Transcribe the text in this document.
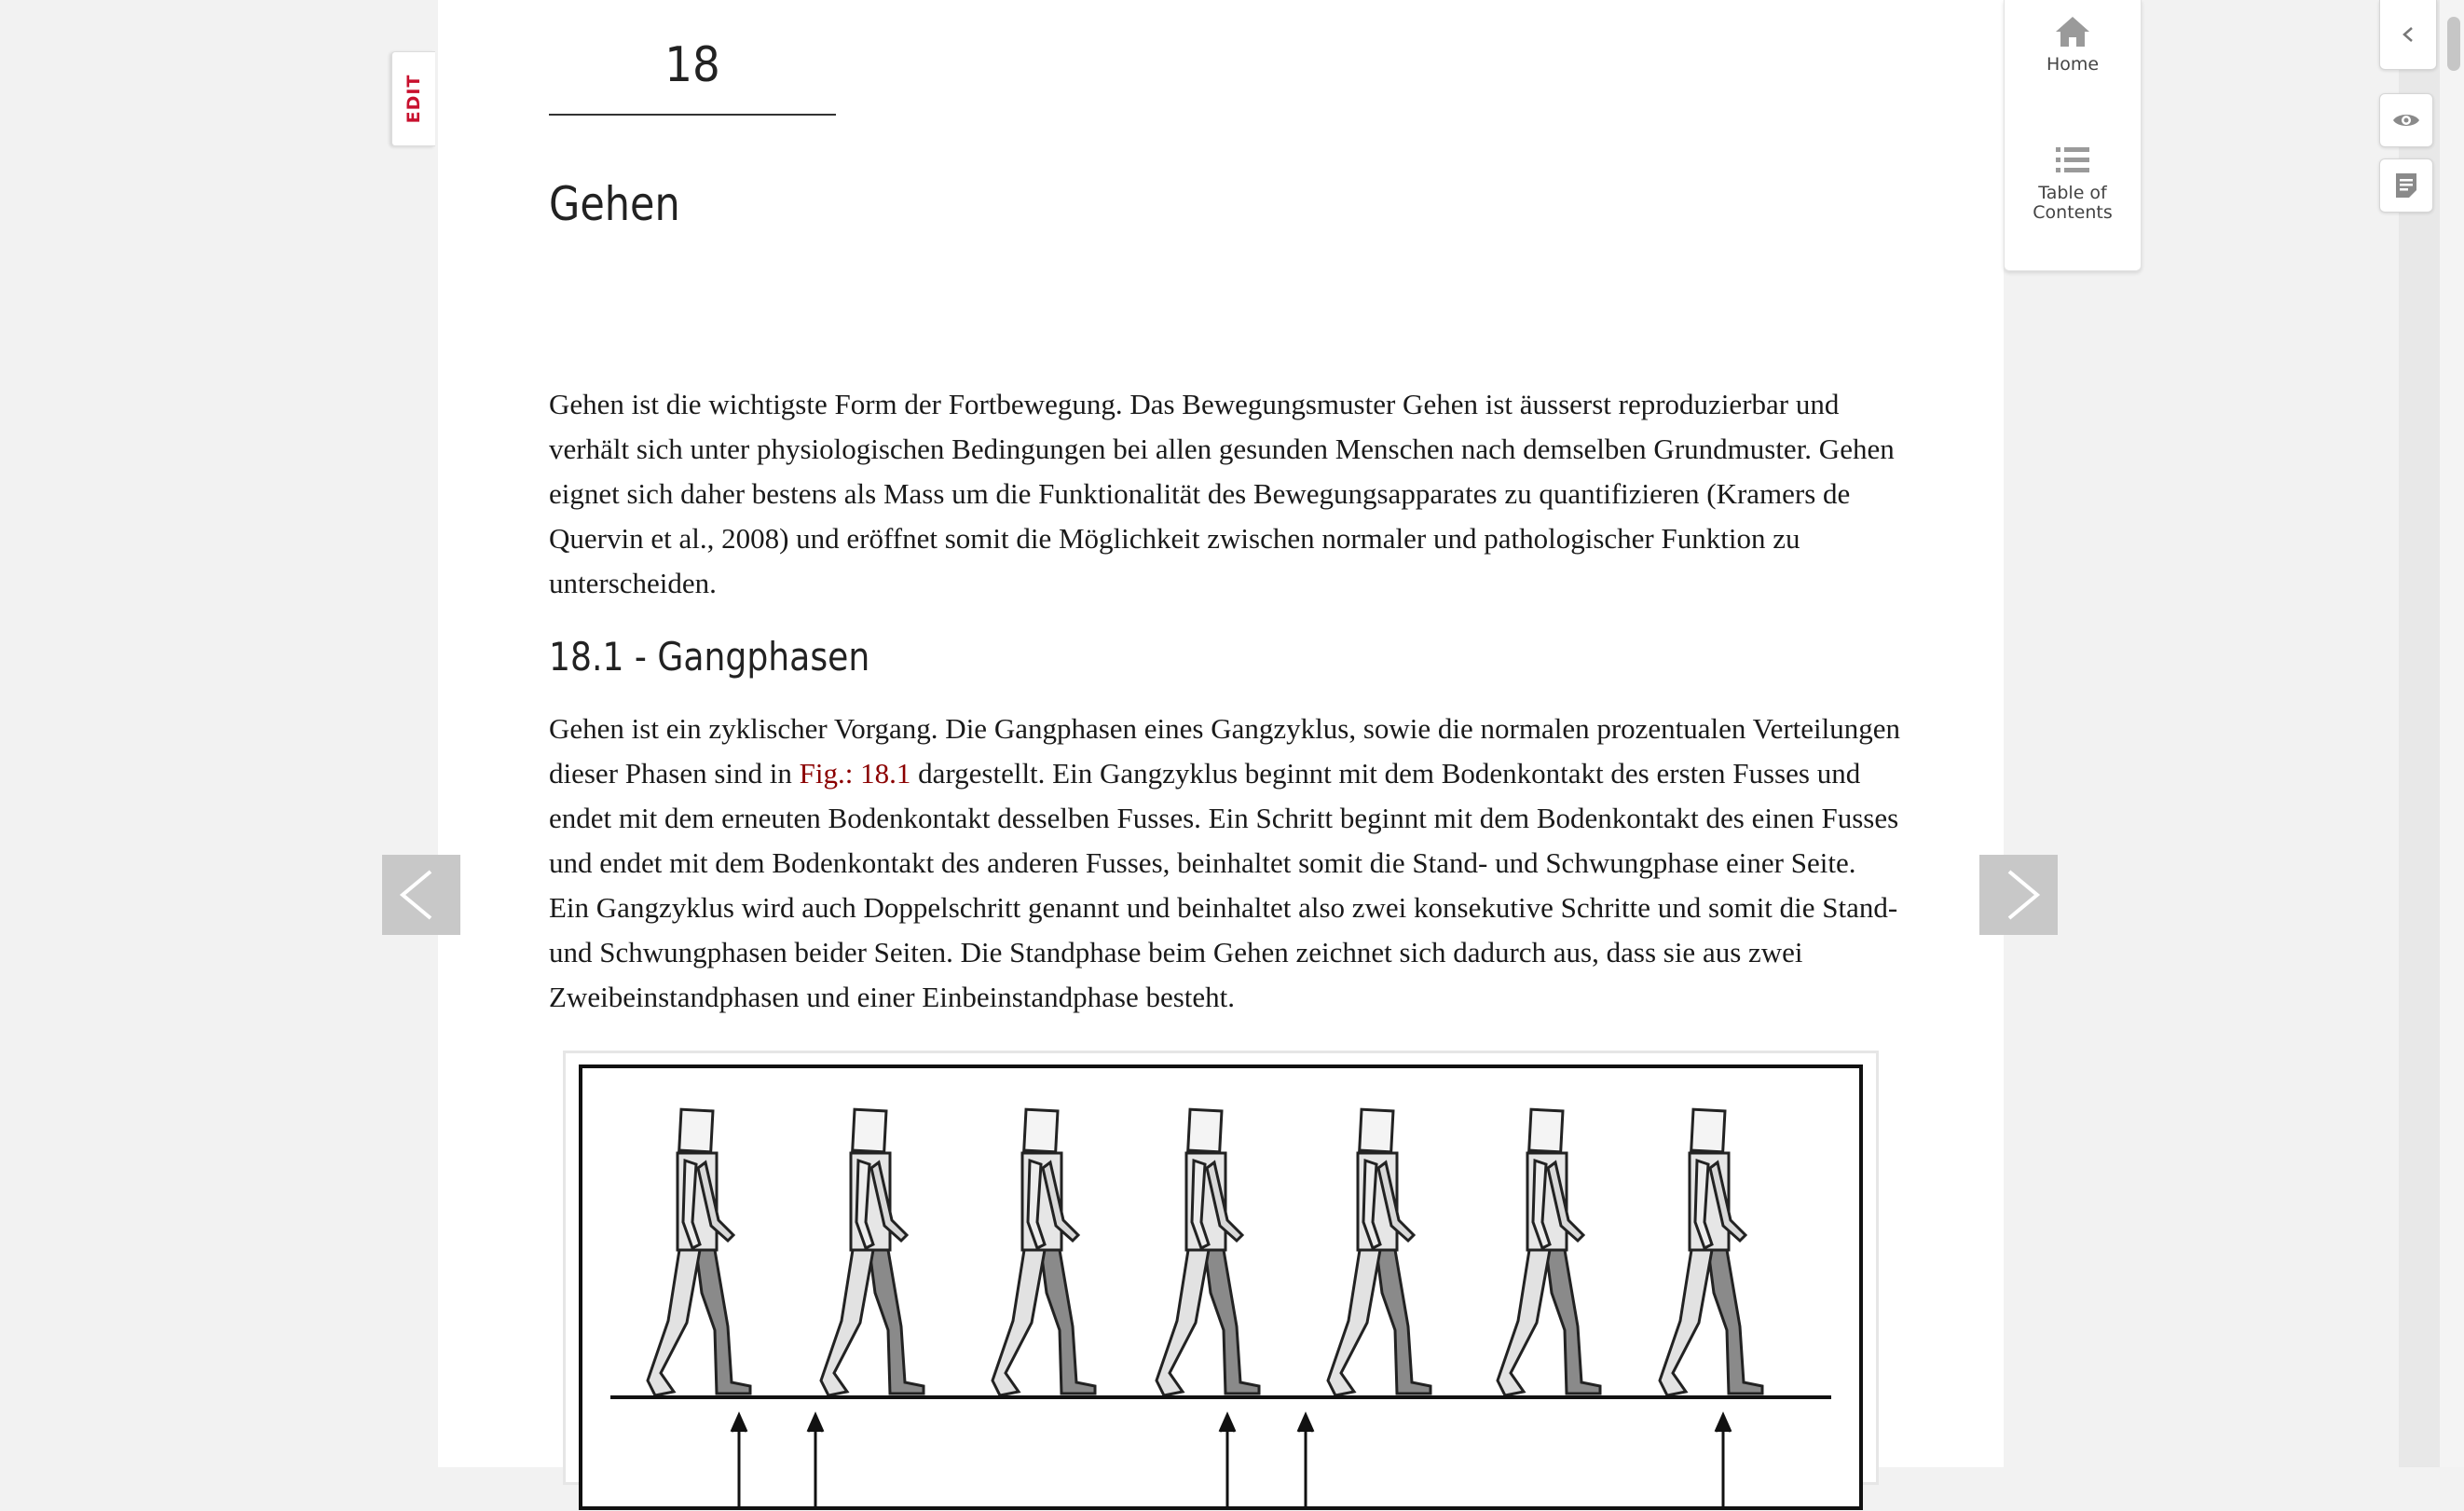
EDIT
18
Gehen

Gehen ist die wichtigste Form der Fortbewegung. Das Bewegungsmuster Gehen ist äusserst reproduzierbar und verhält sich unter physiologischen Bedingungen bei allen gesunden Menschen nach demselben Grundmuster. Gehen eignet sich daher bestens als Mass um die Funktionalität des Bewegungsapparates zu quantifizieren (Kramers de Quervin et al., 2008) und eröffnet somit die Möglichkeit zwischen normaler und pathologischer Funktion zu unterscheiden.

18.1 - Gangphasen

Gehen ist ein zyklischer Vorgang. Die Gangphasen eines Gangzyklus, sowie die normalen prozentualen Verteilungen dieser Phasen sind in Fig.: 18.1 dargestellt. Ein Gangzyklus beginnt mit dem Bodenkontakt des ersten Fusses und endet mit dem erneuten Bodenkontakt desselben Fusses. Ein Schritt beginnt mit dem Bodenkontakt des einen Fusses und endet mit dem Bodenkontakt des anderen Fusses, beinhaltet somit die Stand- und Schwungphase einer Seite. Ein Gangzyklus wird auch Doppelschritt genannt und beinhaltet also zwei konsekutive Schritte und somit die Stand- und Schwungphasen beider Seiten. Die Standphase beim Gehen zeichnet sich dadurch aus, dass sie aus zwei Zweibeinstandphasen und einer Einbeinstandphase besteht.

Home
Table of
Contents
